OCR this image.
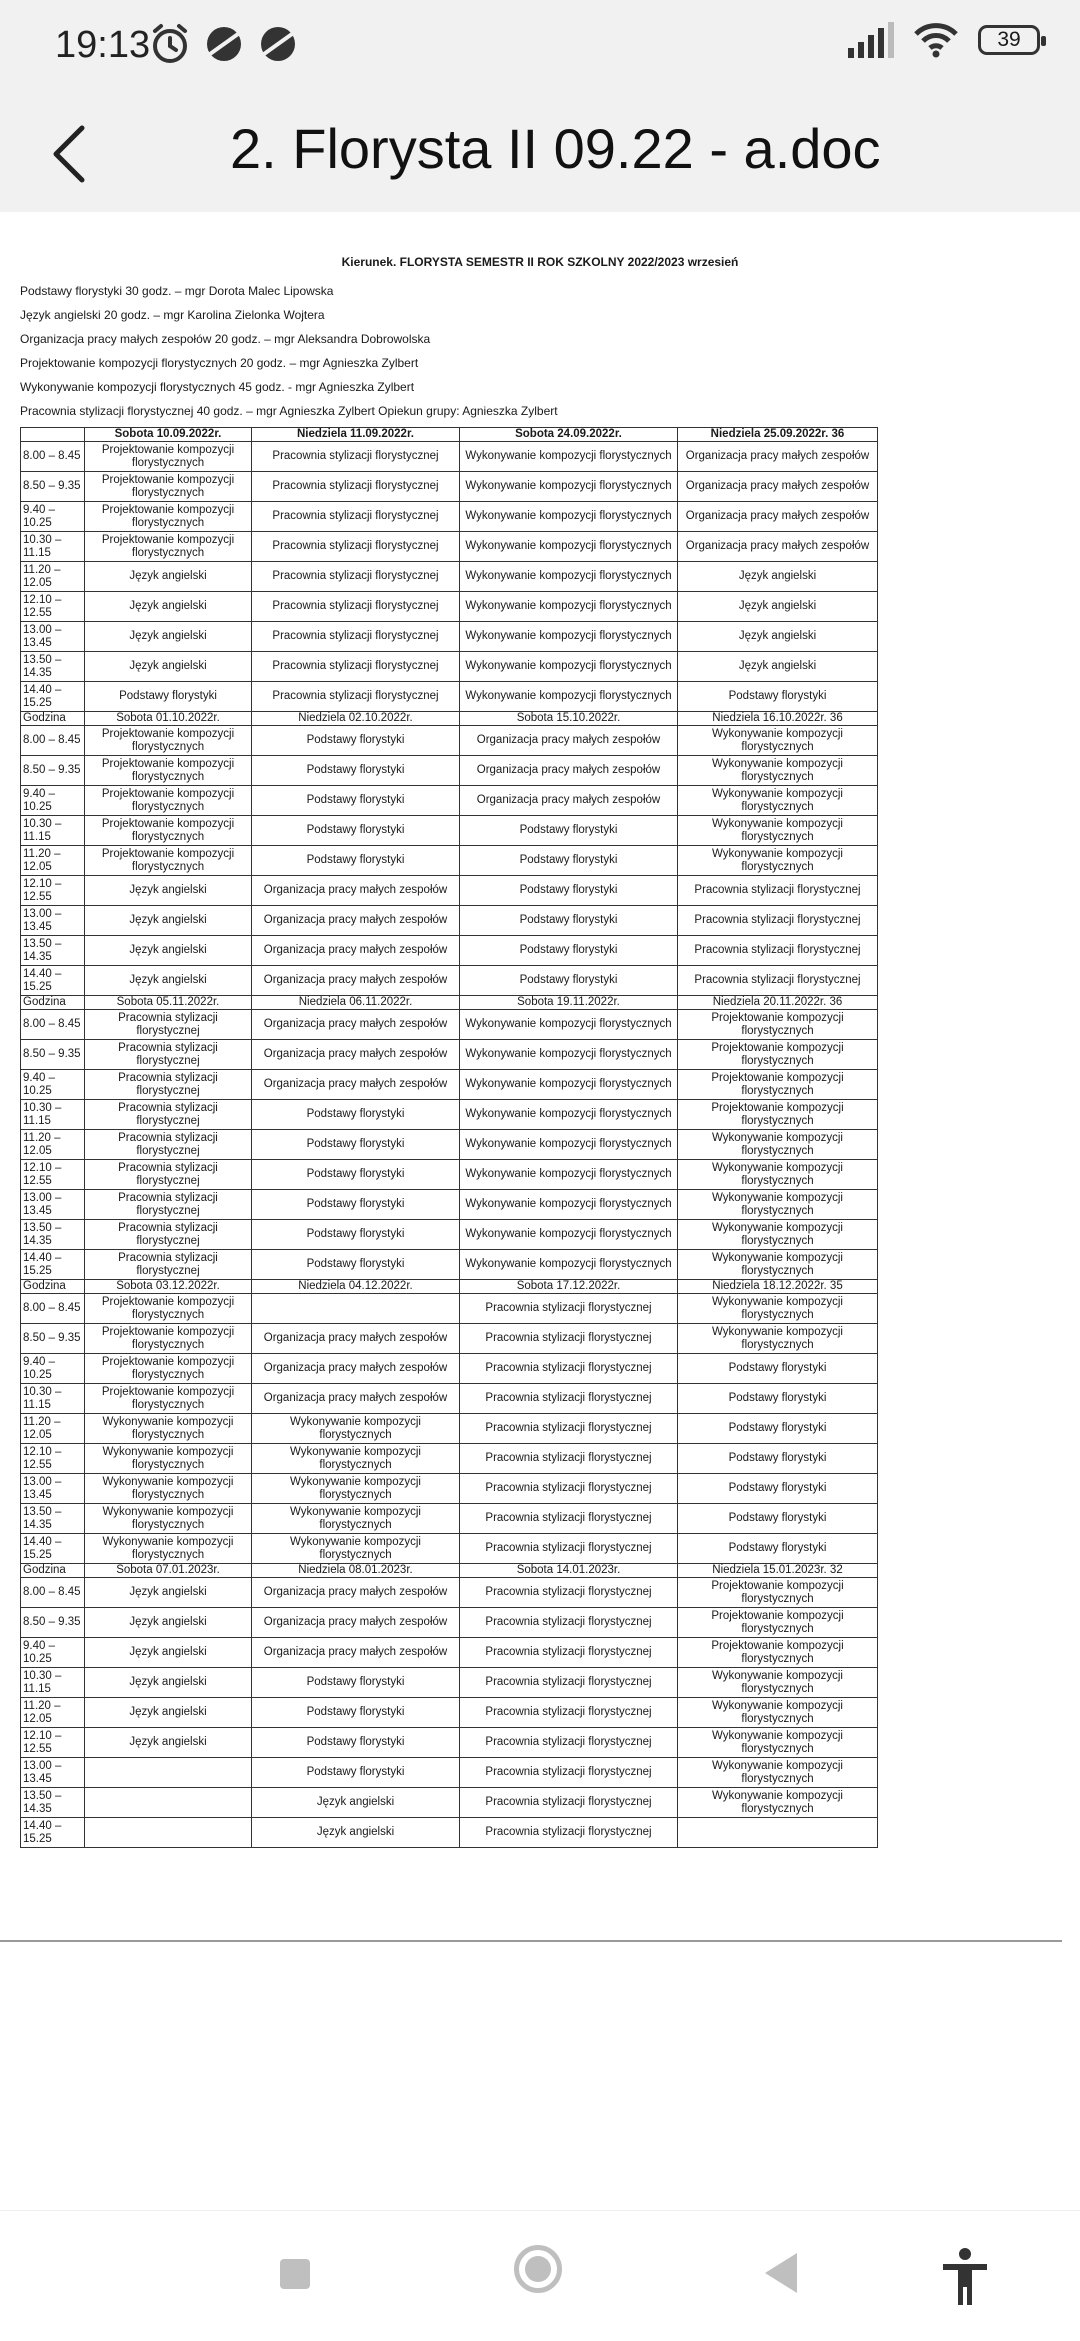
19:13	39
2. Florysta II 09.22 - a.doc
Kierunek. FLORYSTA SEMESTR II ROK SZKOLNY 2022/2023 wrzesień
Podstawy florystyki 30 godz. – mgr Dorota Malec Lipowska
Język angielski 20 godz. – mgr Karolina Zielonka Wojtera
Organizacja pracy małych zespołów 20 godz. – mgr Aleksandra Dobrowolska
Projektowanie kompozycji florystycznych 20 godz. – mgr Agnieszka Zylbert
Wykonywanie kompozycji florystycznych 45 godz. - mgr Agnieszka Zylbert
Pracownia stylizacji florystycznej 40 godz. – mgr Agnieszka Zylbert Opiekun grupy: Agnieszka Zylbert
	Sobota 10.09.2022r.	Niedziela 11.09.2022r.	Sobota 24.09.2022r.	Niedziela 25.09.2022r. 36
8.00 – 8.45	Projektowanie kompozycji florystycznych	Pracownia stylizacji florystycznej	Wykonywanie kompozycji florystycznych	Organizacja pracy małych zespołów
8.50 – 9.35	Projektowanie kompozycji florystycznych	Pracownia stylizacji florystycznej	Wykonywanie kompozycji florystycznych	Organizacja pracy małych zespołów
9.40 – 10.25	Projektowanie kompozycji florystycznych	Pracownia stylizacji florystycznej	Wykonywanie kompozycji florystycznych	Organizacja pracy małych zespołów
10.30 – 11.15	Projektowanie kompozycji florystycznych	Pracownia stylizacji florystycznej	Wykonywanie kompozycji florystycznych	Organizacja pracy małych zespołów
11.20 – 12.05	Język angielski	Pracownia stylizacji florystycznej	Wykonywanie kompozycji florystycznych	Język angielski
12.10 – 12.55	Język angielski	Pracownia stylizacji florystycznej	Wykonywanie kompozycji florystycznych	Język angielski
13.00 – 13.45	Język angielski	Pracownia stylizacji florystycznej	Wykonywanie kompozycji florystycznych	Język angielski
13.50 – 14.35	Język angielski	Pracownia stylizacji florystycznej	Wykonywanie kompozycji florystycznych	Język angielski
14.40 – 15.25	Podstawy florystyki	Pracownia stylizacji florystycznej	Wykonywanie kompozycji florystycznych	Podstawy florystyki
Godzina	Sobota 01.10.2022r.	Niedziela 02.10.2022r.	Sobota 15.10.2022r.	Niedziela 16.10.2022r. 36
8.00 – 8.45	Projektowanie kompozycji florystycznych	Podstawy florystyki	Organizacja pracy małych zespołów	Wykonywanie kompozycji florystycznych
8.50 – 9.35	Projektowanie kompozycji florystycznych	Podstawy florystyki	Organizacja pracy małych zespołów	Wykonywanie kompozycji florystycznych
9.40 – 10.25	Projektowanie kompozycji florystycznych	Podstawy florystyki	Organizacja pracy małych zespołów	Wykonywanie kompozycji florystycznych
10.30 – 11.15	Projektowanie kompozycji florystycznych	Podstawy florystyki	Podstawy florystyki	Wykonywanie kompozycji florystycznych
11.20 – 12.05	Projektowanie kompozycji florystycznych	Podstawy florystyki	Podstawy florystyki	Wykonywanie kompozycji florystycznych
12.10 – 12.55	Język angielski	Organizacja pracy małych zespołów	Podstawy florystyki	Pracownia stylizacji florystycznej
13.00 – 13.45	Język angielski	Organizacja pracy małych zespołów	Podstawy florystyki	Pracownia stylizacji florystycznej
13.50 – 14.35	Język angielski	Organizacja pracy małych zespołów	Podstawy florystyki	Pracownia stylizacji florystycznej
14.40 – 15.25	Język angielski	Organizacja pracy małych zespołów	Podstawy florystyki	Pracownia stylizacji florystycznej
Godzina	Sobota 05.11.2022r.	Niedziela 06.11.2022r.	Sobota 19.11.2022r.	Niedziela 20.11.2022r. 36
8.00 – 8.45	Pracownia stylizacji florystycznej	Organizacja pracy małych zespołów	Wykonywanie kompozycji florystycznych	Projektowanie kompozycji florystycznych
8.50 – 9.35	Pracownia stylizacji florystycznej	Organizacja pracy małych zespołów	Wykonywanie kompozycji florystycznych	Projektowanie kompozycji florystycznych
9.40 – 10.25	Pracownia stylizacji florystycznej	Organizacja pracy małych zespołów	Wykonywanie kompozycji florystycznych	Projektowanie kompozycji florystycznych
10.30 – 11.15	Pracownia stylizacji florystycznej	Podstawy florystyki	Wykonywanie kompozycji florystycznych	Projektowanie kompozycji florystycznych
11.20 – 12.05	Pracownia stylizacji florystycznej	Podstawy florystyki	Wykonywanie kompozycji florystycznych	Wykonywanie kompozycji florystycznych
12.10 – 12.55	Pracownia stylizacji florystycznej	Podstawy florystyki	Wykonywanie kompozycji florystycznych	Wykonywanie kompozycji florystycznych
13.00 – 13.45	Pracownia stylizacji florystycznej	Podstawy florystyki	Wykonywanie kompozycji florystycznych	Wykonywanie kompozycji florystycznych
13.50 – 14.35	Pracownia stylizacji florystycznej	Podstawy florystyki	Wykonywanie kompozycji florystycznych	Wykonywanie kompozycji florystycznych
14.40 – 15.25	Pracownia stylizacji florystycznej	Podstawy florystyki	Wykonywanie kompozycji florystycznych	Wykonywanie kompozycji florystycznych
Godzina	Sobota 03.12.2022r.	Niedziela 04.12.2022r.	Sobota 17.12.2022r.	Niedziela 18.12.2022r. 35
8.00 – 8.45	Projektowanie kompozycji florystycznych		Pracownia stylizacji florystycznej	Wykonywanie kompozycji florystycznych
8.50 – 9.35	Projektowanie kompozycji florystycznych	Organizacja pracy małych zespołów	Pracownia stylizacji florystycznej	Wykonywanie kompozycji florystycznych
9.40 – 10.25	Projektowanie kompozycji florystycznych	Organizacja pracy małych zespołów	Pracownia stylizacji florystycznej	Podstawy florystyki
10.30 – 11.15	Projektowanie kompozycji florystycznych	Organizacja pracy małych zespołów	Pracownia stylizacji florystycznej	Podstawy florystyki
11.20 – 12.05	Wykonywanie kompozycji florystycznych	Wykonywanie kompozycji florystycznych	Pracownia stylizacji florystycznej	Podstawy florystyki
12.10 – 12.55	Wykonywanie kompozycji florystycznych	Wykonywanie kompozycji florystycznych	Pracownia stylizacji florystycznej	Podstawy florystyki
13.00 – 13.45	Wykonywanie kompozycji florystycznych	Wykonywanie kompozycji florystycznych	Pracownia stylizacji florystycznej	Podstawy florystyki
13.50 – 14.35	Wykonywanie kompozycji florystycznych	Wykonywanie kompozycji florystycznych	Pracownia stylizacji florystycznej	Podstawy florystyki
14.40 – 15.25	Wykonywanie kompozycji florystycznych	Wykonywanie kompozycji florystycznych	Pracownia stylizacji florystycznej	Podstawy florystyki
Godzina	Sobota 07.01.2023r.	Niedziela 08.01.2023r.	Sobota 14.01.2023r.	Niedziela 15.01.2023r. 32
8.00 – 8.45	Język angielski	Organizacja pracy małych zespołów	Pracownia stylizacji florystycznej	Projektowanie kompozycji florystycznych
8.50 – 9.35	Język angielski	Organizacja pracy małych zespołów	Pracownia stylizacji florystycznej	Projektowanie kompozycji florystycznych
9.40 – 10.25	Język angielski	Organizacja pracy małych zespołów	Pracownia stylizacji florystycznej	Projektowanie kompozycji florystycznych
10.30 – 11.15	Język angielski	Podstawy florystyki	Pracownia stylizacji florystycznej	Wykonywanie kompozycji florystycznych
11.20 – 12.05	Język angielski	Podstawy florystyki	Pracownia stylizacji florystycznej	Wykonywanie kompozycji florystycznych
12.10 – 12.55	Język angielski	Podstawy florystyki	Pracownia stylizacji florystycznej	Wykonywanie kompozycji florystycznych
13.00 – 13.45		Podstawy florystyki	Pracownia stylizacji florystycznej	Wykonywanie kompozycji florystycznych
13.50 – 14.35		Język angielski	Pracownia stylizacji florystycznej	Wykonywanie kompozycji florystycznych
14.40 – 15.25		Język angielski	Pracownia stylizacji florystycznej	
